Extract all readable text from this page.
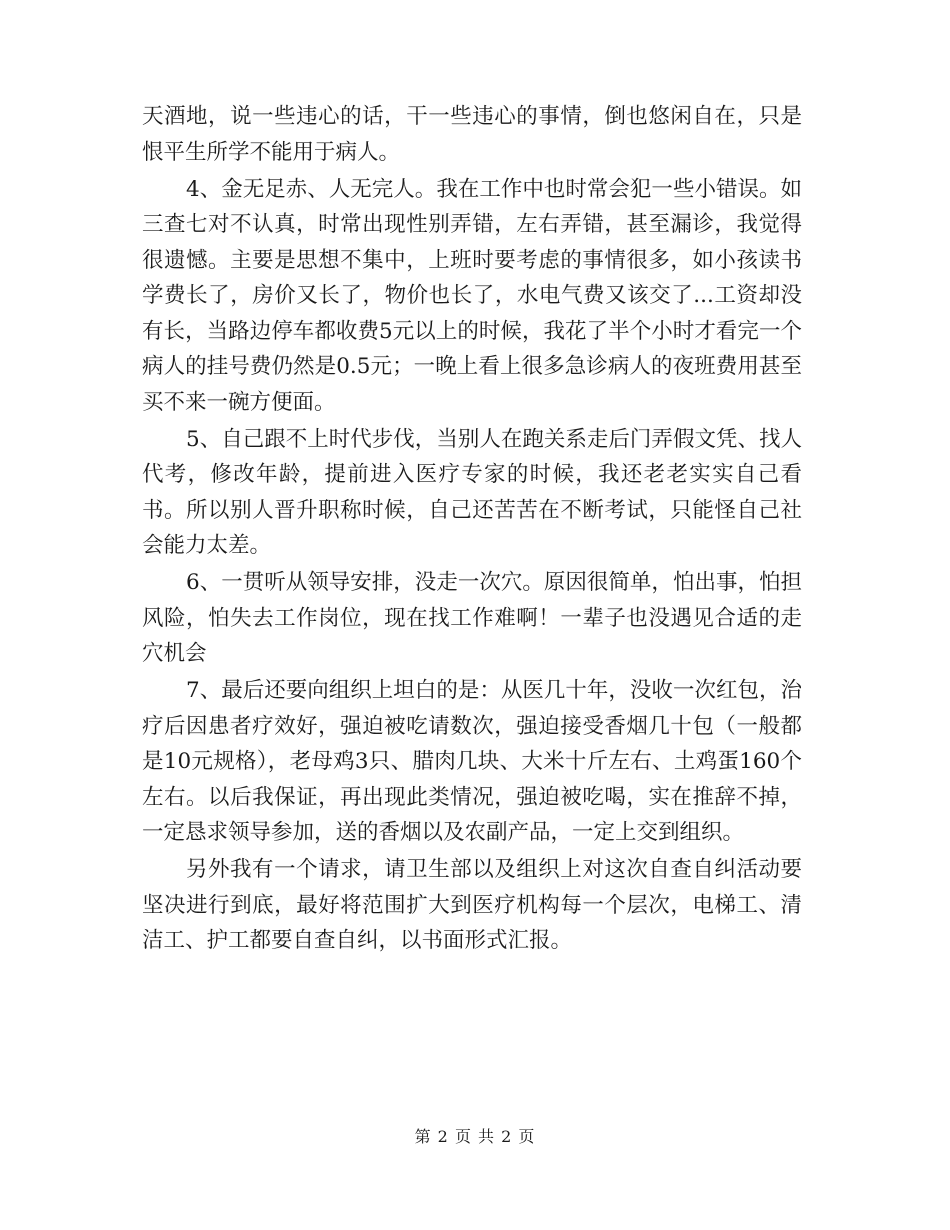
天酒地，说一些违心的话，干一些违心的事情，倒也悠闲自在，只是恨平生所学不能用于病人。

4、金无足赤、人无完人。我在工作中也时常会犯一些小错误。如三查七对不认真，时常出现性别弄错，左右弄错，甚至漏诊，我觉得很遗憾。主要是思想不集中，上班时要考虑的事情很多，如小孩读书学费长了，房价又长了，物价也长了，水电气费又该交了...工资却没有长，当路边停车都收费5元以上的时候，我花了半个小时才看完一个病人的挂号费仍然是0.5元；一晚上看上很多急诊病人的夜班费用甚至买不来一碗方便面。

5、自己跟不上时代步伐，当别人在跑关系走后门弄假文凭、找人代考，修改年龄，提前进入医疗专家的时候，我还老老实实自己看书。所以别人晋升职称时候，自己还苦苦在不断考试，只能怪自己社会能力太差。

6、一贯听从领导安排，没走一次穴。原因很简单，怕出事，怕担风险，怕失去工作岗位，现在找工作难啊！一辈子也没遇见合适的走穴机会

7、最后还要向组织上坦白的是：从医几十年，没收一次红包，治疗后因患者疗效好，强迫被吃请数次，强迫接受香烟几十包（一般都是10元规格），老母鸡3只、腊肉几块、大米十斤左右、土鸡蛋160个左右。以后我保证，再出现此类情况，强迫被吃喝，实在推辞不掉，一定恳求领导参加，送的香烟以及农副产品，一定上交到组织。

另外我有一个请求，请卫生部以及组织上对这次自查自纠活动要坚决进行到底，最好将范围扩大到医疗机构每一个层次，电梯工、清洁工、护工都要自查自纠，以书面形式汇报。

第 2 页 共 2 页
